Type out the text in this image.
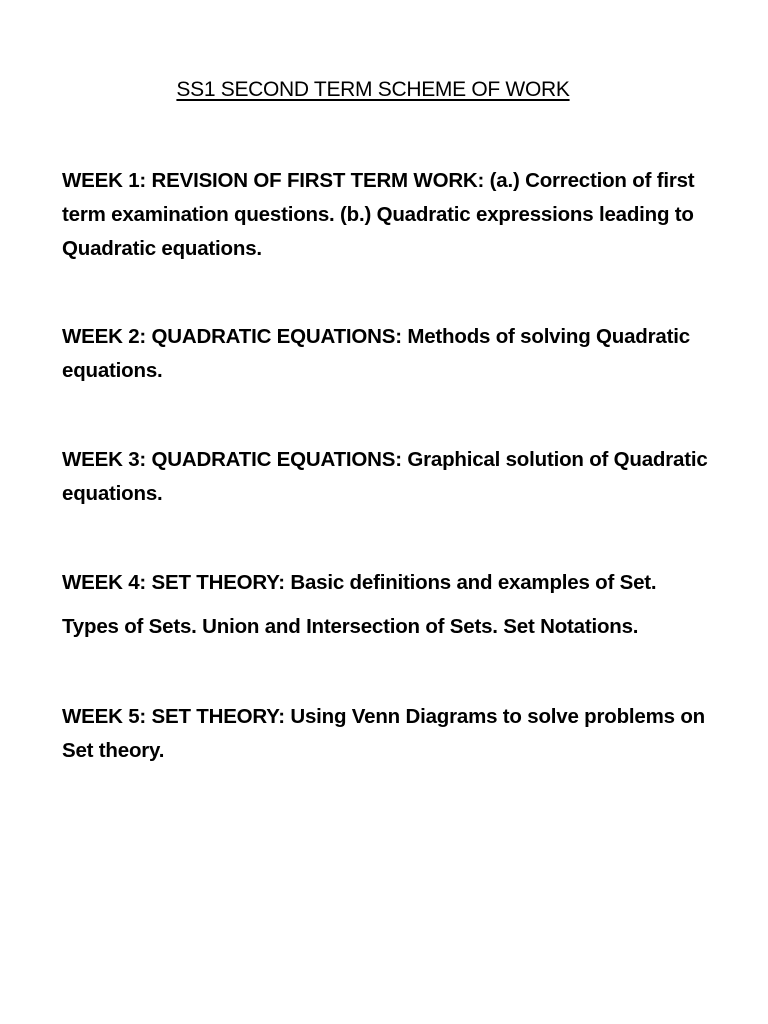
SS1 SECOND TERM SCHEME OF WORK

WEEK 1: REVISION OF FIRST TERM WORK: (a.) Correction of first term examination questions. (b.) Quadratic expressions leading to Quadratic equations.

WEEK 2: QUADRATIC EQUATIONS: Methods of solving Quadratic equations.

WEEK 3: QUADRATIC EQUATIONS: Graphical solution of Quadratic equations.

WEEK 4: SET THEORY: Basic definitions and examples of Set.

Types of Sets. Union and Intersection of Sets. Set Notations.

WEEK 5: SET THEORY: Using Venn Diagrams to solve problems on Set theory.
